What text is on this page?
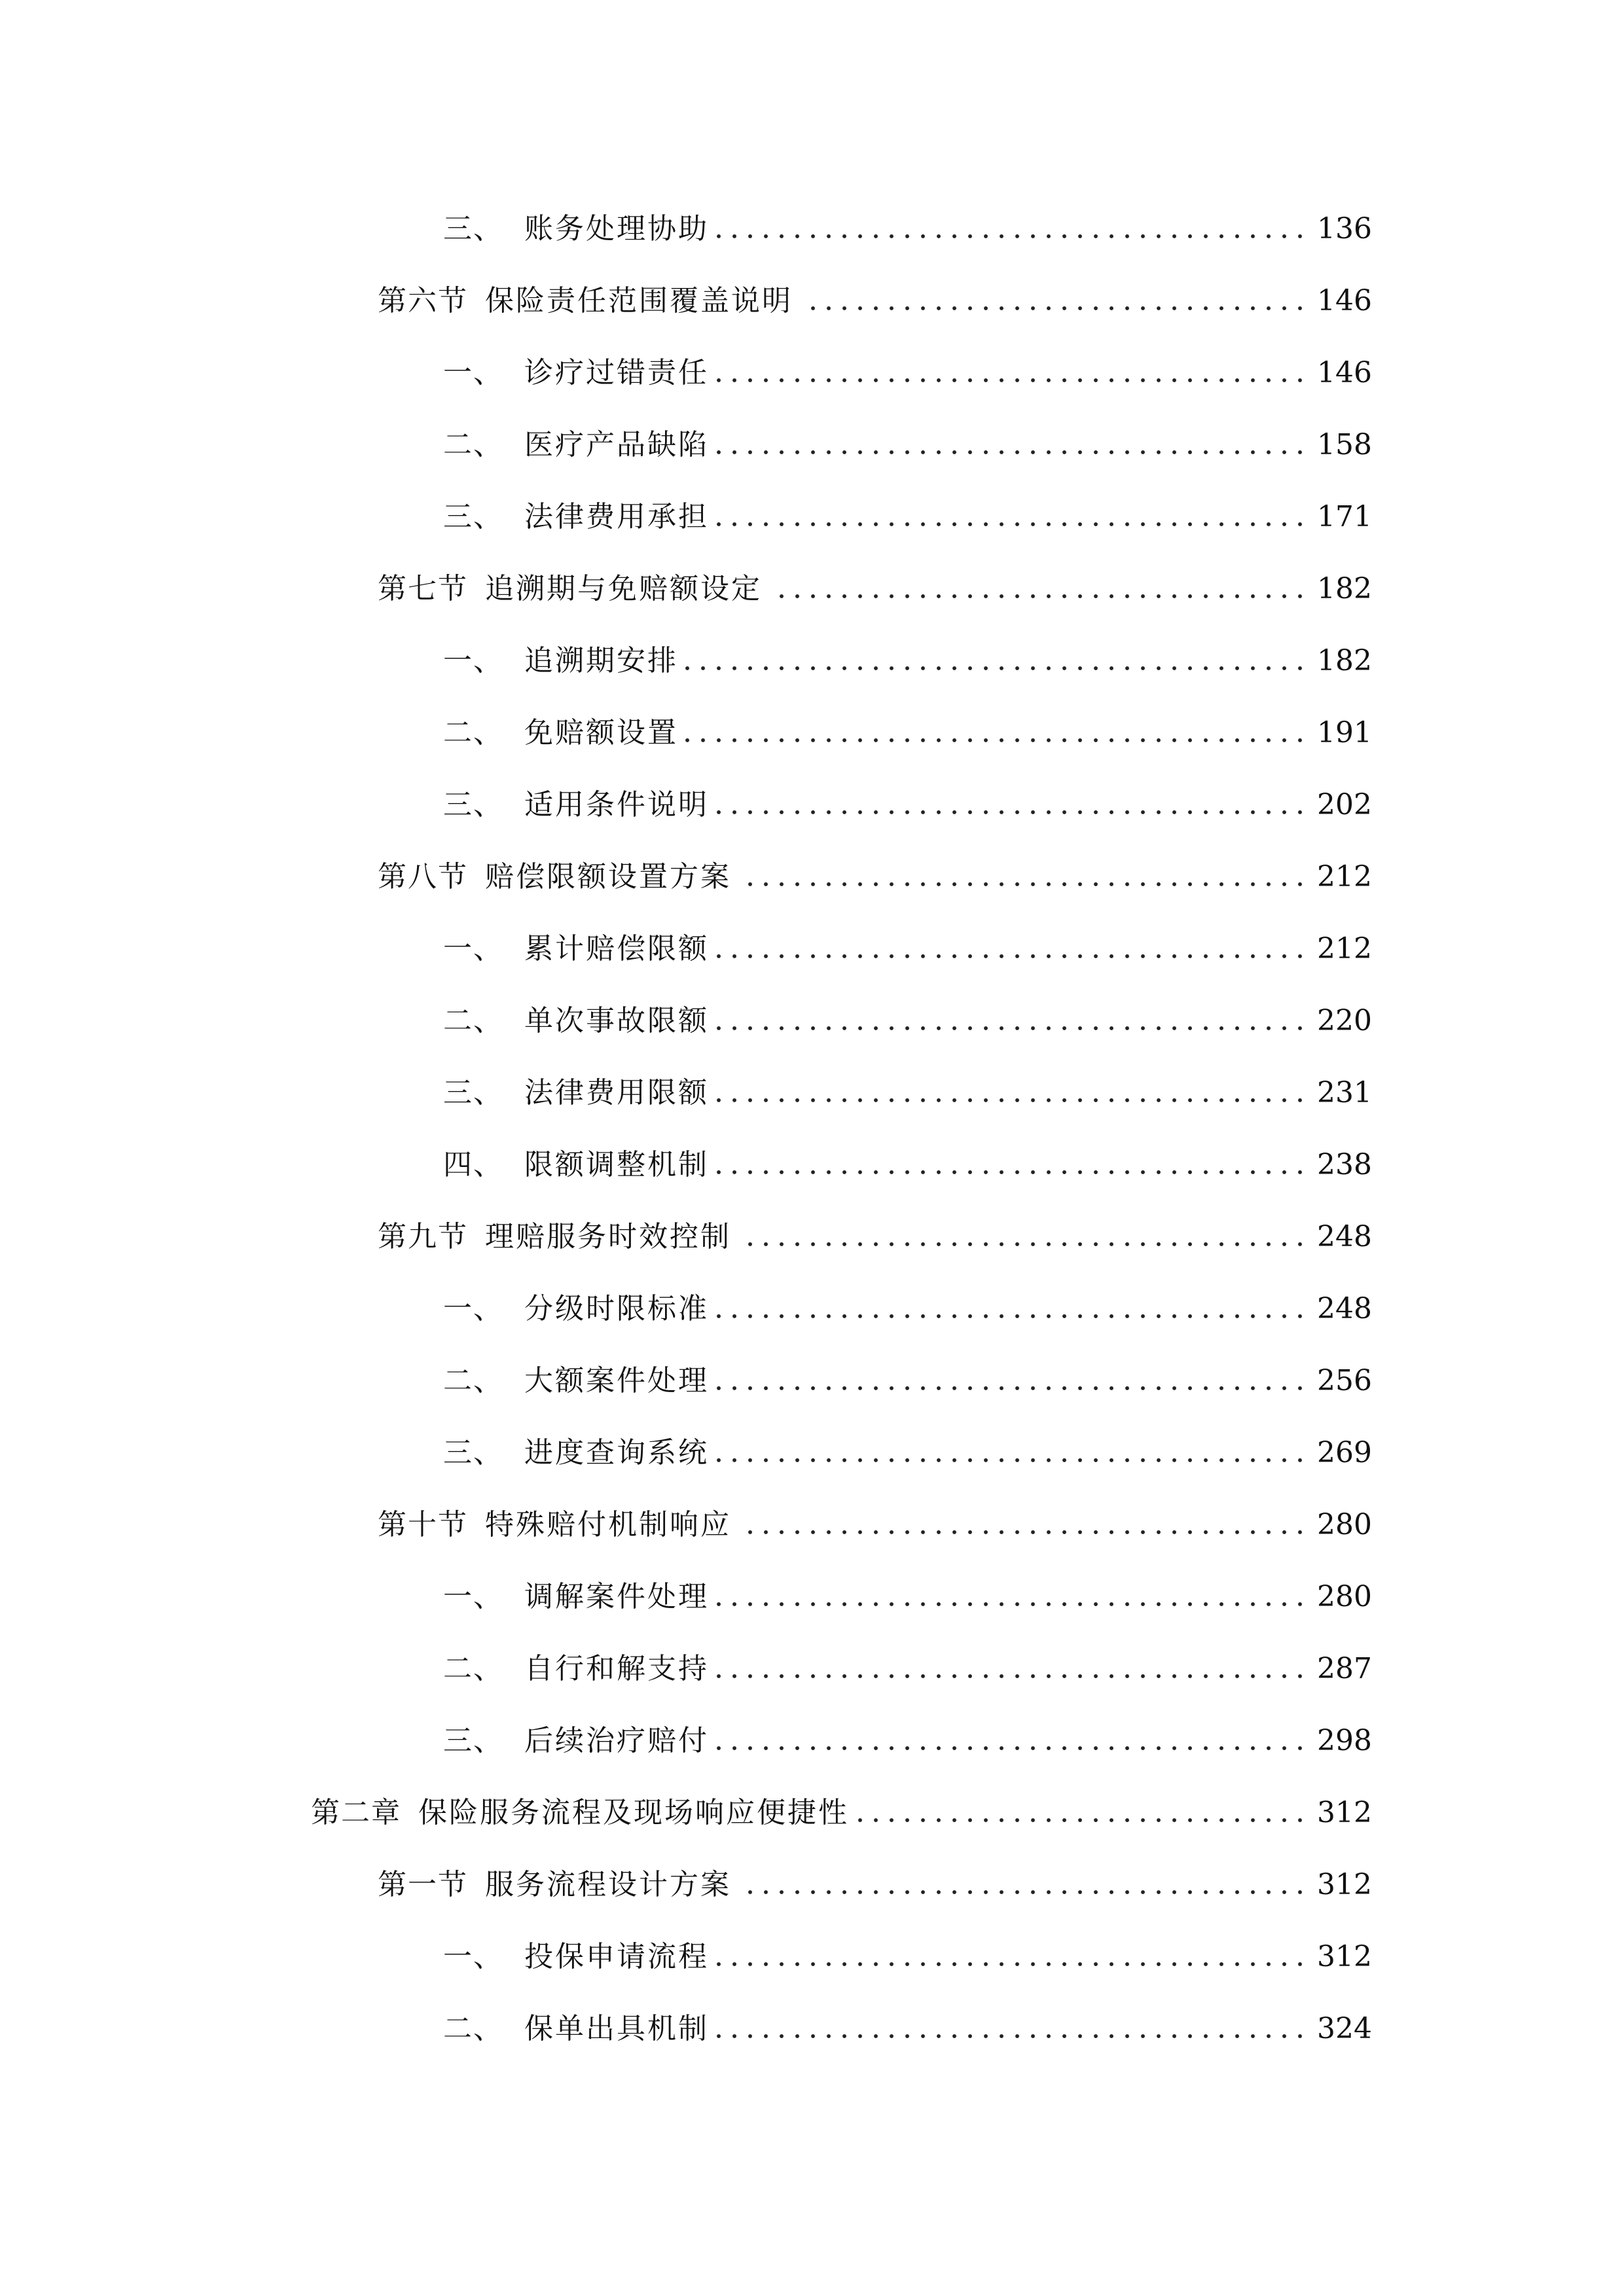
三、 账务处理协助	136
第六节 保险责任范围覆盖说明	146
一、 诊疗过错责任	146
二、 医疗产品缺陷	158
三、 法律费用承担	171
第七节 追溯期与免赔额设定	182
一、 追溯期安排	182
二、 免赔额设置	191
三、 适用条件说明	202
第八节 赔偿限额设置方案	212
一、 累计赔偿限额	212
二、 单次事故限额	220
三、 法律费用限额	231
四、 限额调整机制	238
第九节 理赔服务时效控制	248
一、 分级时限标准	248
二、 大额案件处理	256
三、 进度查询系统	269
第十节 特殊赔付机制响应	280
一、 调解案件处理	280
二、 自行和解支持	287
三、 后续治疗赔付	298
第二章 保险服务流程及现场响应便捷性	312
第一节 服务流程设计方案	312
一、 投保申请流程	312
二、 保单出具机制	324
